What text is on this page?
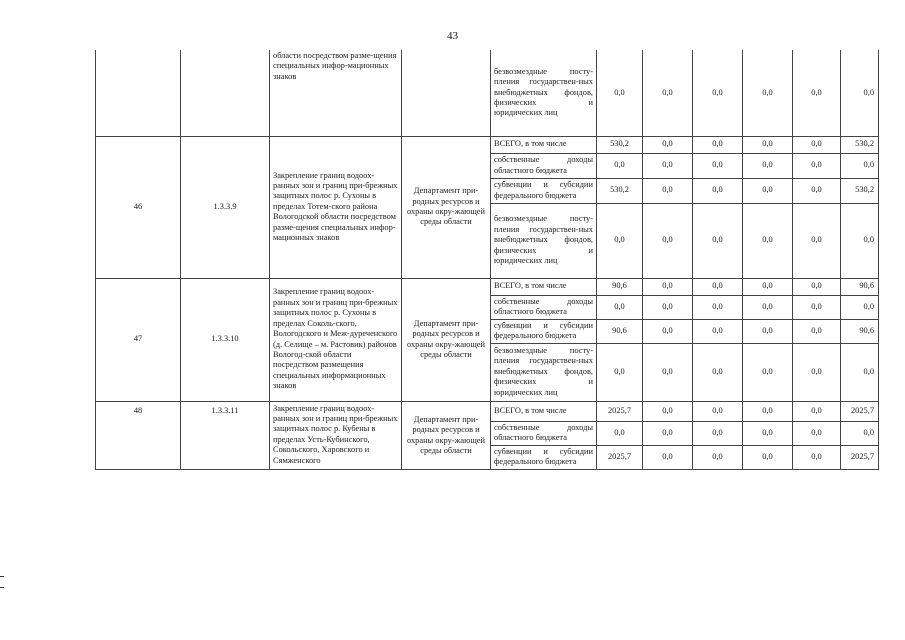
43
		области посредством разме-щения специальных инфор-мационных знаков		безвозмездные посту-пления государствен-ных внебюджетных фондов, физических и юридических лиц	0,0	0,0	0,0	0,0	0,0	0,0
46	1.3.3.9	Закрепление границ водоох-ранных зон и границ при-брежных защитных полос р. Сухоны в пределах Тотем-ского района Вологодской области посредством разме-щения специальных инфор-мационных знаков	Департамент при-родных ресурсов и охраны окру-жающей среды области	ВСЕГО, в том числе	530,2	0,0	0,0	0,0	0,0	530,2
				собственные доходы областного бюджета	0,0	0,0	0,0	0,0	0,0	0,0
				субвенции и субсидии федерального бюджета	530,2	0,0	0,0	0,0	0,0	530,2
				безвозмездные посту-пления государствен-ных внебюджетных фондов, физических и юридических лиц	0,0	0,0	0,0	0,0	0,0	0,0
47	1.3.3.10	Закрепление границ водоох-ранных зон и границ при-брежных защитных полос р. Сухоны в пределах Соколь-ского, Вологодского и Меж-дуреченского (д. Селище – м. Растовик) районов Вологод-ской области посредством размещения специальных информационных знаков	Департамент при-родных ресурсов и охраны окру-жающей среды области	ВСЕГО, в том числе	90,6	0,0	0,0	0,0	0,0	90,6
				собственные доходы областного бюджета	0,0	0,0	0,0	0,0	0,0	0,0
				субвенции и субсидии федерального бюджета	90,6	0,0	0,0	0,0	0,0	90,6
				безвозмездные посту-пления государствен-ных внебюджетных фондов, физических и юридических лиц	0,0	0,0	0,0	0,0	0,0	0,0
48	1.3.3.11	Закрепление границ водоох-ранных зон и границ при-брежных защитных полос р. Кубены в пределах Усть-Кубинского, Сокольского, Харовского и Сямженского	Департамент при-родных ресурсов и охраны окру-жающей среды области	ВСЕГО, в том числе	2025,7	0,0	0,0	0,0	0,0	2025,7
				собственные доходы областного бюджета	0,0	0,0	0,0	0,0	0,0	0,0
				субвенции и субсидии федерального бюджета	2025,7	0,0	0,0	0,0	0,0	2025,7
